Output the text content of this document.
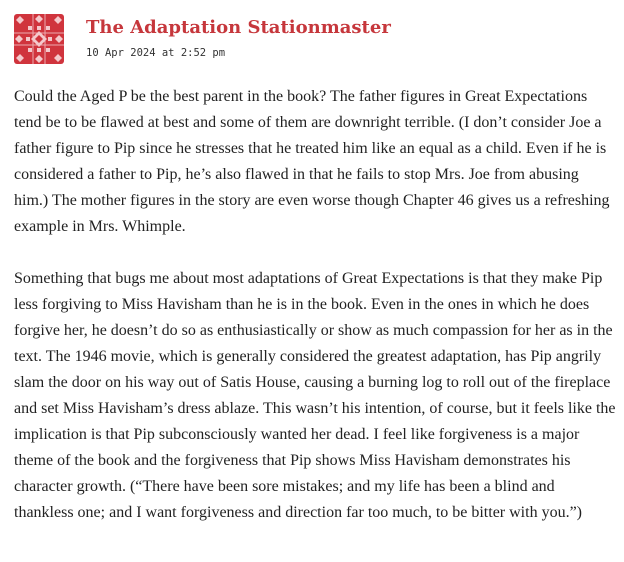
The Adaptation Stationmaster
10 Apr 2024 at 2:52 pm

Could the Aged P be the best parent in the book? The father figures in Great Expectations tend be to be flawed at best and some of them are downright terrible. (I don’t consider Joe a father figure to Pip since he stresses that he treated him like an equal as a child. Even if he is considered a father to Pip, he’s also flawed in that he fails to stop Mrs. Joe from abusing him.) The mother figures in the story are even worse though Chapter 46 gives us a refreshing example in Mrs. Whimple.

Something that bugs me about most adaptations of Great Expectations is that they make Pip less forgiving to Miss Havisham than he is in the book. Even in the ones in which he does forgive her, he doesn’t do so as enthusiastically or show as much compassion for her as in the text. The 1946 movie, which is generally considered the greatest adaptation, has Pip angrily slam the door on his way out of Satis House, causing a burning log to roll out of the fireplace and set Miss Havisham’s dress ablaze. This wasn’t his intention, of course, but it feels like the implication is that Pip subconsciously wanted her dead. I feel like forgiveness is a major theme of the book and the forgiveness that Pip shows Miss Havisham demonstrates his character growth. (“There have been sore mistakes; and my life has been a blind and thankless one; and I want forgiveness and direction far too much, to be bitter with you.”)
